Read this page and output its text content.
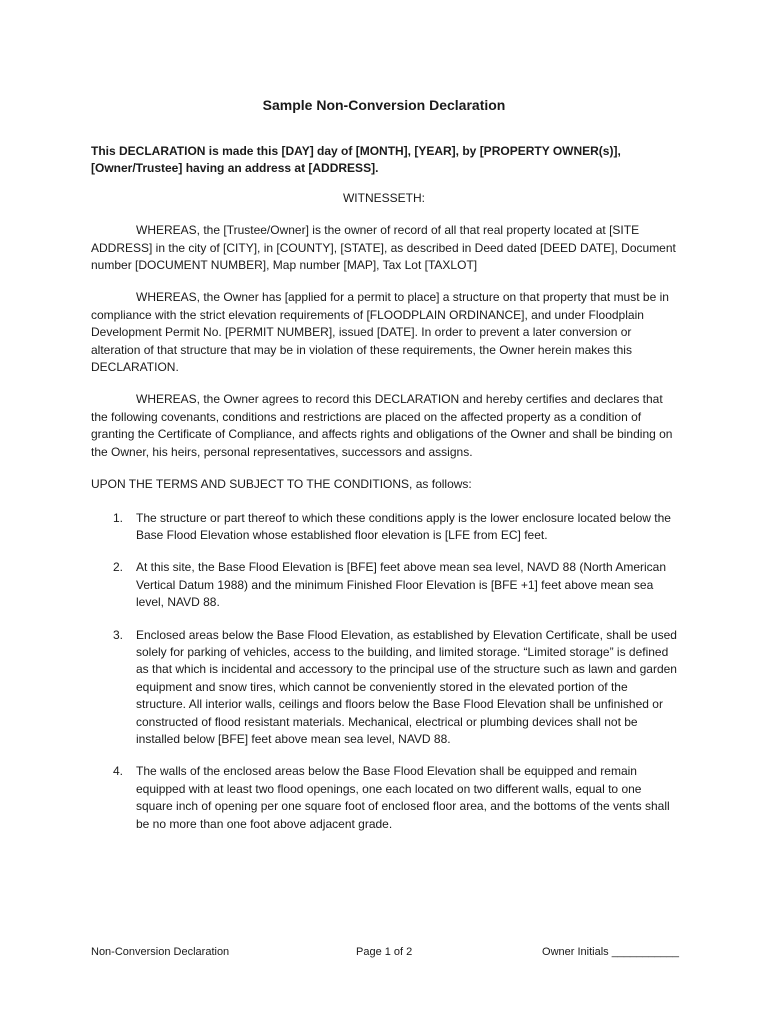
Sample Non-Conversion Declaration

This DECLARATION is made this [DAY] day of [MONTH], [YEAR], by [PROPERTY OWNER(s)], [Owner/Trustee] having an address at [ADDRESS].

WITNESSETH:

WHEREAS, the [Trustee/Owner] is the owner of record of all that real property located at [SITE ADDRESS] in the city of [CITY], in [COUNTY], [STATE], as described in Deed dated [DEED DATE], Document number [DOCUMENT NUMBER], Map number [MAP], Tax Lot [TAXLOT]

WHEREAS, the Owner has [applied for a permit to place] a structure on that property that must be in compliance with the strict elevation requirements of [FLOODPLAIN ORDINANCE], and under Floodplain Development Permit No. [PERMIT NUMBER], issued [DATE]. In order to prevent a later conversion or alteration of that structure that may be in violation of these requirements, the Owner herein makes this DECLARATION.

WHEREAS, the Owner agrees to record this DECLARATION and hereby certifies and declares that the following covenants, conditions and restrictions are placed on the affected property as a condition of granting the Certificate of Compliance, and affects rights and obligations of the Owner and shall be binding on the Owner, his heirs, personal representatives, successors and assigns.

UPON THE TERMS AND SUBJECT TO THE CONDITIONS, as follows:

1. The structure or part thereof to which these conditions apply is the lower enclosure located below the Base Flood Elevation whose established floor elevation is [LFE from EC] feet.
2. At this site, the Base Flood Elevation is [BFE] feet above mean sea level, NAVD 88 (North American Vertical Datum 1988) and the minimum Finished Floor Elevation is [BFE +1] feet above mean sea level, NAVD 88.
3. Enclosed areas below the Base Flood Elevation, as established by Elevation Certificate, shall be used solely for parking of vehicles, access to the building, and limited storage. “Limited storage” is defined as that which is incidental and accessory to the principal use of the structure such as lawn and garden equipment and snow tires, which cannot be conveniently stored in the elevated portion of the structure. All interior walls, ceilings and floors below the Base Flood Elevation shall be unfinished or constructed of flood resistant materials. Mechanical, electrical or plumbing devices shall not be installed below [BFE] feet above mean sea level, NAVD 88.
4. The walls of the enclosed areas below the Base Flood Elevation shall be equipped and remain equipped with at least two flood openings, one each located on two different walls, equal to one square inch of opening per one square foot of enclosed floor area, and the bottoms of the vents shall be no more than one foot above adjacent grade.
Non-Conversion Declaration	Page 1 of 2	Owner Initials ___________
